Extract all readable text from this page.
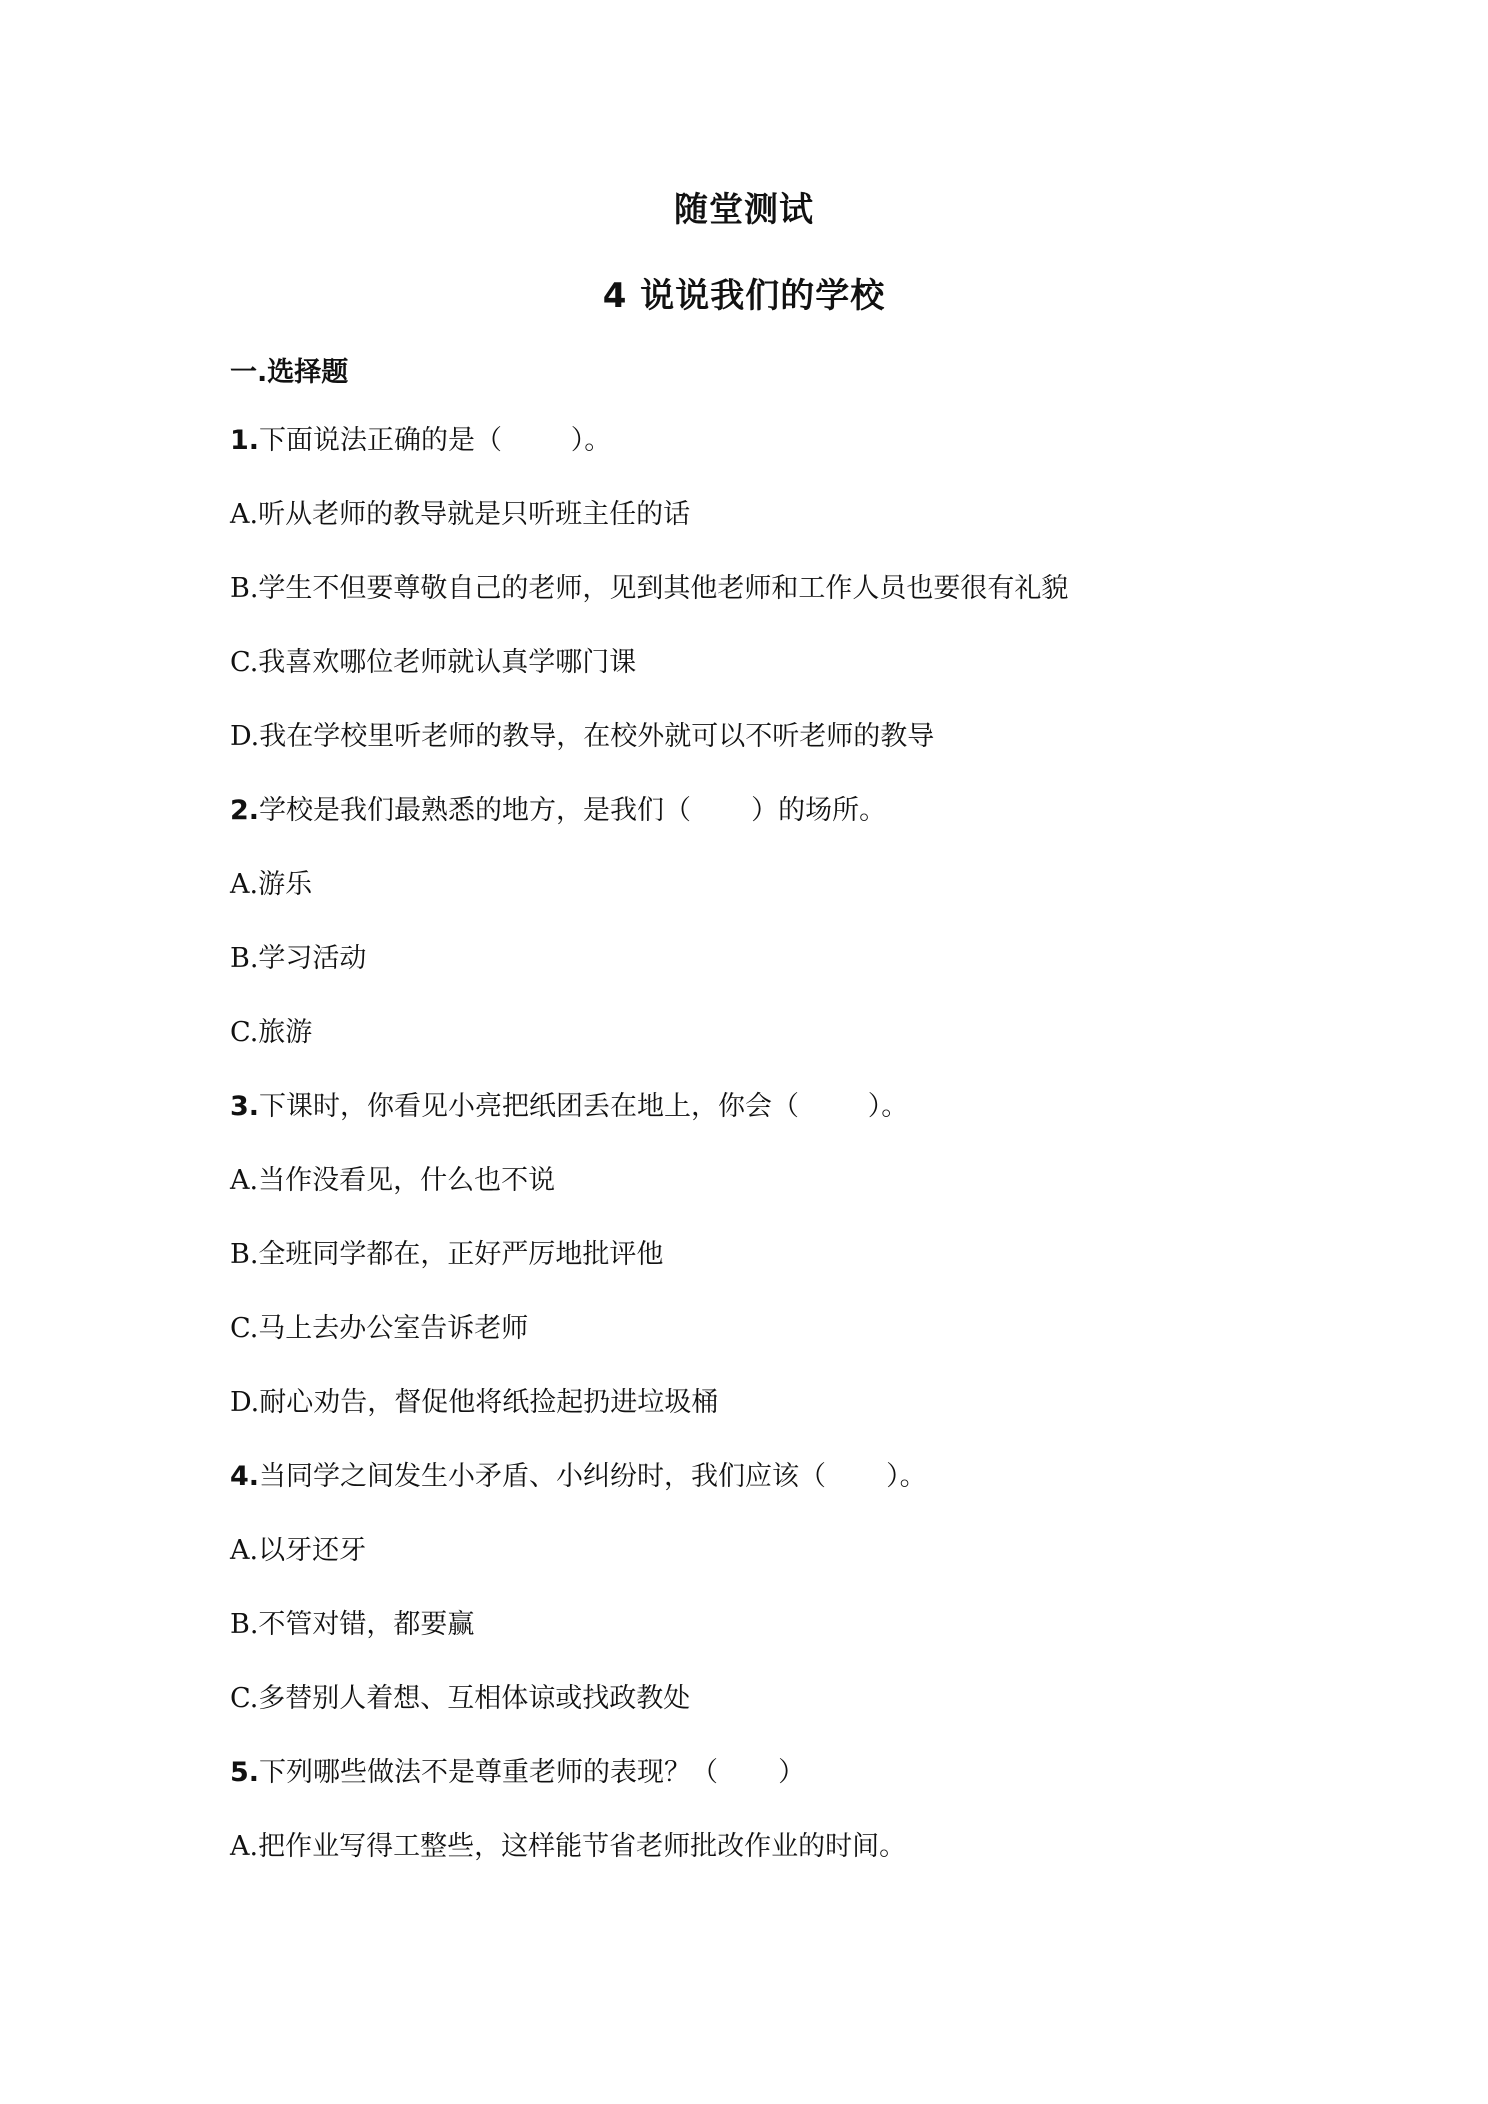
随堂测试
4 说说我们的学校
一.选择题
1.下面说法正确的是（        ）。
A.听从老师的教导就是只听班主任的话
B.学生不但要尊敬自己的老师，见到其他老师和工作人员也要很有礼貌
C.我喜欢哪位老师就认真学哪门课
D.我在学校里听老师的教导，在校外就可以不听老师的教导
2.学校是我们最熟悉的地方，是我们（       ）的场所。
A.游乐
B.学习活动
C.旅游
3.下课时，你看见小亮把纸团丢在地上，你会（        ）。
A.当作没看见，什么也不说
B.全班同学都在，正好严厉地批评他
C.马上去办公室告诉老师
D.耐心劝告，督促他将纸捡起扔进垃圾桶
4.当同学之间发生小矛盾、小纠纷时，我们应该（       ）。
A.以牙还牙
B.不管对错，都要赢
C.多替别人着想、互相体谅或找政教处
5.下列哪些做法不是尊重老师的表现？（       ）
A.把作业写得工整些，这样能节省老师批改作业的时间。
